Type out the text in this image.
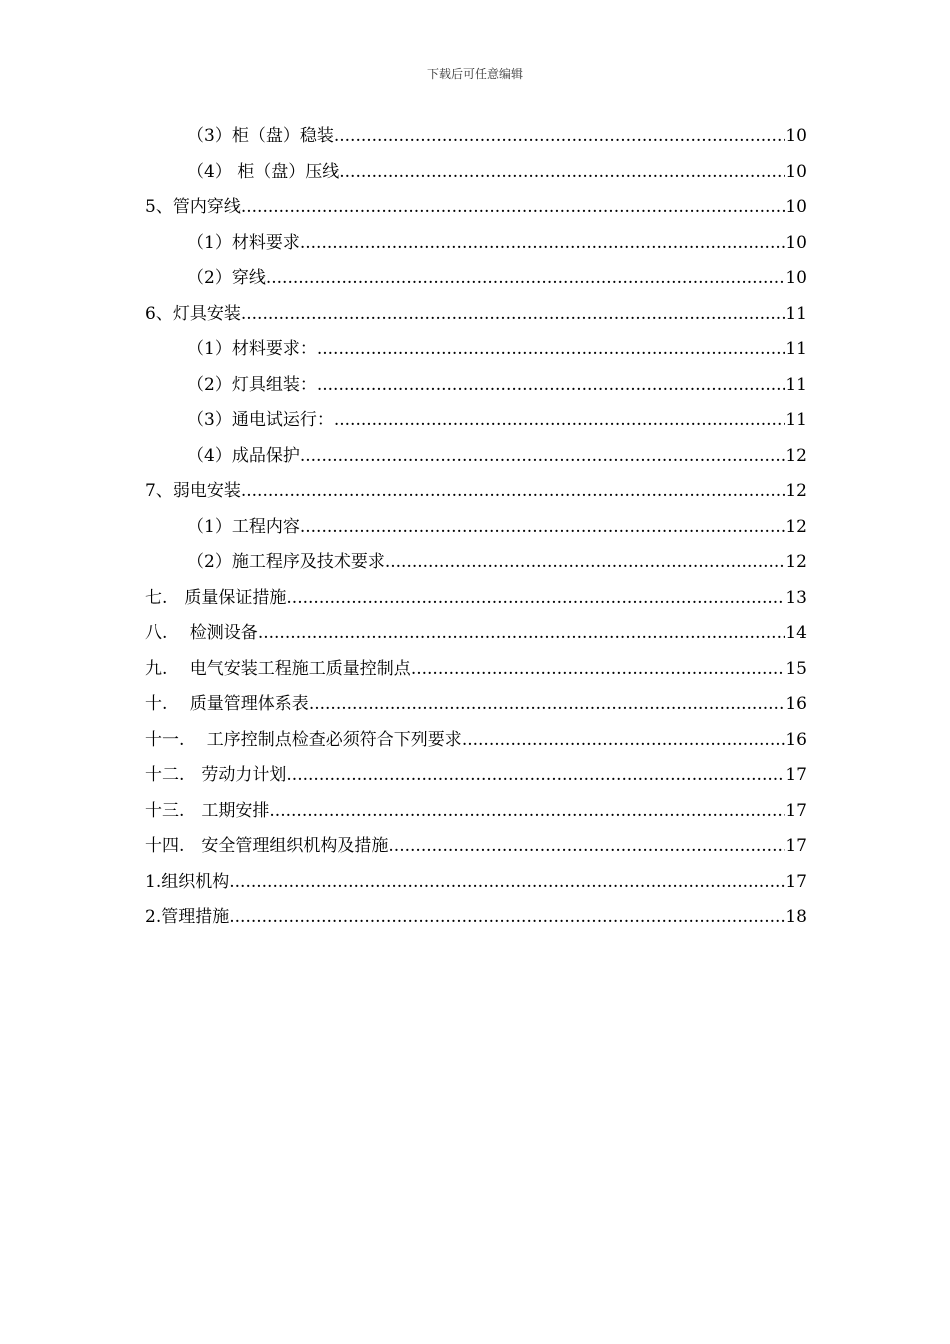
下载后可任意编辑
（3）柜（盘）稳装 .....	10
（4） 柜（盘）压线 .....	10
5、管内穿线 .....	10
（1）材料要求 .....	10
（2）穿线 .....	10
6、灯具安装 .....	11
（1）材料要求： .....	11
（2）灯具组装： .....	11
（3）通电试运行： .....	11
（4）成品保护 .....	12
7、弱电安装 .....	12
（1）工程内容 .....	12
（2）施工程序及技术要求 .....	12
七.　质量保证措施 .....	13
八.　 检测设备 .....	14
九.　 电气安装工程施工质量控制点 .....	15
十.　 质量管理体系表 .....	16
十一.　 工序控制点检查必须符合下列要求 .....	16
十二.　劳动力计划 .....	17
十三.　工期安排 .....	17
十四.　安全管理组织机构及措施 .....	17
1.组织机构 .....	17
2.管理措施 .....	18
